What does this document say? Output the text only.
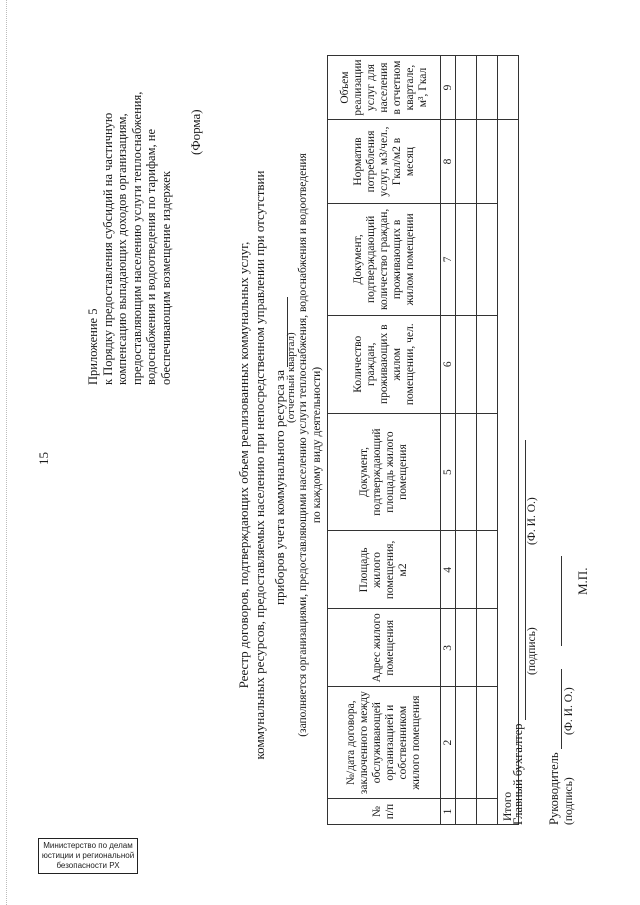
15
Приложение 5 к Порядку предоставления субсидий на частичную компенсацию выпадающих доходов организациям, предоставляющим населению услуги теплоснабжения, водоснабжения и водоотведения по тарифам, не обеспечивающим возмещение издержек
(Форма)
Реестр договоров, подтверждающих объем реализованных коммунальных услуг, коммунальных ресурсов, предоставляемых населению при непосредственном управлении при отсутствии приборов учета коммунального ресурса за
(отчетный квартал) (заполняется организациями, предоставляющими населению услуги теплоснабжения, водоснабжения и водоотведения по каждому виду деятельности)
№ п/п	№/дата договора, заключенного между обслуживающей организацией и собственником жилого помещения	Адрес жилого помещения	Площадь жилого помещения, м2	Документ, подтверждающий площадь жилого помещения	Количество граждан, проживающих в жилом помещении, чел.	Документ, подтверждающий количество граждан, проживающих в жилом помещении	Норматив потребления услуг, м3/чел., Гкал/м2 в месяц	Объем реализации услуг для населения в отчетном квартале, м³, Гкал
1	2	3	4	5	6	7	8	9

Итого								
Главный бухгалтер
(подпись)
(Ф. И. О.)
Руководитель (подпись)
(Ф. И. О.)
М.П.
Министерство по делам
юстиции и региональной
безопасности РХ
